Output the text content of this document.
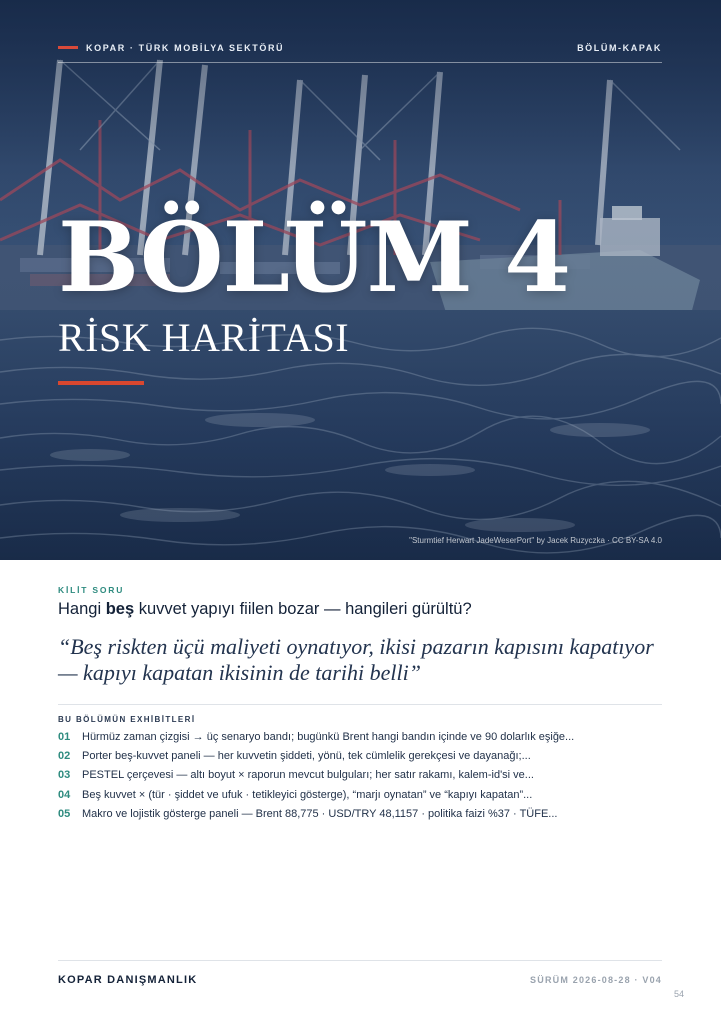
KOPAR · TÜRK MOBİLYA SEKTÖRÜ	BÖLÜM-KAPAK
BÖLÜM 4
RİSK HARİTASI
"Sturmtief Herwart JadeWeserPort" by Jacek Ruzyczka · CC BY-SA 4.0
KİLİT SORU
Hangi beş kuvvet yapıyı fiilen bozar — hangileri gürültü?
“Beş riskten üçü maliyeti oynatıyor, ikisi pazarın kapısını kapatıyor — kapıyı kapatan ikisinin de tarihi belli”
BU BÖLÜMÜN EXHİBİTLERİ
01 Hürmüz zaman çizgisi → üç senaryo bandı; bugünkü Brent hangi bandın içinde ve 90 dolarlık eşiğe...
02 Porter beş-kuvvet paneli — her kuvvetin şiddeti, yönü, tek cümlelik gerekçesi ve dayanağı;...
03 PESTEL çerçevesi — altı boyut × raporun mevcut bulguları; her satır rakamı, kalem-id'si ve...
04 Beş kuvvet × (tür · şiddet ve ufuk · tetikleyici gösterge), “marjı oynatan” ve “kapıyı kapatan”...
05 Makro ve lojistik gösterge paneli — Brent 88,775 · USD/TRY 48,1157 · politika faizi %37 · TÜFE...
KOPAR DANIŞMANLIK	SÜRÜM 2026-08-28 · V04
54
